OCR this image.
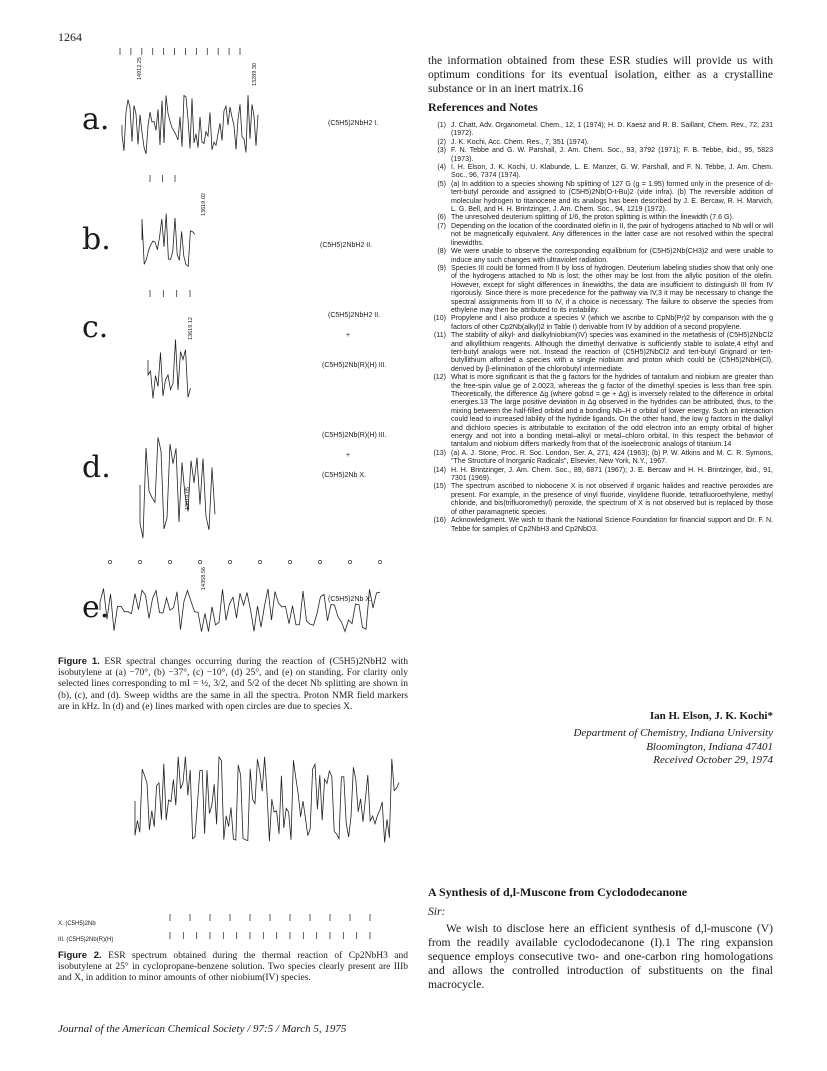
1264
a.
b.
c.
d.
e.
(C5H5)2NbH2 I.
(C5H5)2NbH2 II.
(C5H5)2NbH2 II.
+
(C5H5)2Nb(R)(H) III.
(C5H5)2Nb(R)(H) III.
+
(C5H5)2Nb X.
(C5H5)2Nb X.
14912.25	13289.30
13619.02
13619.12
13819.05
14358.56
Figure 1. ESR spectral changes occurring during the reaction of (C5H5)2NbH2 with isobutylene at (a) −70°, (b) −37°, (c) −10°, (d) 25°, and (e) on standing. For clarity only selected lines corresponding to mI = ½, 3/2, and 5/2 of the decet Nb splitting are shown in (b), (c), and (d). Sweep widths are the same in all the spectra. Proton NMR field markers are in kHz. In (d) and (e) lines marked with open circles are due to species X.
X. (C5H5)2Nb
III. (C5H5)2Nb(R)(H)
Figure 2. ESR spectrum obtained during the thermal reaction of Cp2NbH3 and isobutylene at 25° in cyclopropane-benzene solution. Two species clearly present are IIIb and X, in addition to minor amounts of other niobium(IV) species.
the information obtained from these ESR studies will provide us with optimum conditions for its eventual isolation, either as a crystalline substance or in an inert matrix.16
References and Notes
(1) J. Chatt, Adv. Organometal. Chem., 12, 1 (1974); H. D. Kaesz and R. B. Saillant, Chem. Rev., 72, 231 (1972).
(2) J. K. Kochi, Acc. Chem. Res., 7, 351 (1974).
(3) F. N. Tebbe and G. W. Parshall, J. Am. Chem. Soc., 93, 3792 (1971); F. B. Tebbe, ibid., 95, 5823 (1973).
(4) I. H. Elson, J. K. Kochi, U. Klabunde, L. E. Manzer, G. W. Parshall, and F. N. Tebbe, J. Am. Chem. Soc., 96, 7374 (1974).
(5) (a) In addition to a species showing Nb splitting of 127 G (g = 1.95) formed only in the presence of di-tert-butyl peroxide and assigned to (C5H5)2Nb(O-t-Bu)2 (vide infra). (b) The reversible addition of molecular hydrogen to titanocene and its analogs has been described by J. E. Bercaw, R. H. Marvich, L. G. Bell, and H. H. Brintzinger, J. Am. Chem. Soc., 94, 1219 (1972).
(6) The unresolved deuterium splitting of 1/6, the proton splitting is within the linewidth (7.6 G).
(7) Depending on the location of the coordinated olefin in II, the pair of hydrogens attached to Nb will or will not be magnetically equivalent. Any differences in the latter case are not resolved within the spectral linewidths.
(8) We were unable to observe the corresponding equilibrium for (C5H5)2Nb(CH3)2 and were unable to induce any such changes with ultraviolet radiation.
(9) Species III could be formed from II by loss of hydrogen. Deuterium labeling studies show that only one of the hydrogens attached to Nb is lost; the other may be lost from the allylic position of the olefin. However, except for slight differences in linewidths, the data are insufficient to distinguish III from IV rigorously. Since there is more precedence for the pathway via IV,3 it may be necessary to change the spectral assignments from III to IV, if a choice is necessary. The failure to observe the species from ethylene may then be attributed to its instability.
(10) Propylene and I also produce a species V (which we ascribe to CpNb(Pr)2 by comparison with the g factors of other Cp2Nb(alkyl)2 in Table I) derivable from IV by addition of a second propylene.
(11) The stability of alkyl- and dialkylniobium(IV) species was examined in the metathesis of (C5H5)2NbCl2 and alkyllithium reagents. Although the dimethyl derivative is sufficiently stable to isolate,4 ethyl and tert-butyl analogs were not. Instead the reaction of (C5H5)2NbCl2 and tert-butyl Grignard or tert-butyllithium afforded a species with a single niobium and proton which could be (C5H5)2NbH(Cl), derived by β-elimination of the chlorobutyl intermediate.
(12) What is more significant is that the g factors for the hydrides of tantalum and niobium are greater than the free-spin value ge of 2.0023, whereas the g factor of the dimethyl species is less than free spin. Theoretically, the difference Δg (where gobsd = ge + Δg) is inversely related to the difference in orbital energies.13 The large positive deviation in Δg observed in the hydrides can be attributed, thus, to the mixing between the half-filled orbital and a bonding Nb–H σ orbital of lower energy. Such an interaction could lead to increased lability of the hydride ligands. On the other hand, the low g factors in the dialkyl and dichloro species is attributable to excitation of the odd electron into an empty orbital of higher energy and not into a bonding metal–alkyl or metal–chloro orbital. In this respect the behavior of tantalum and niobium differs markedly from that of the isoelectronic analogs of titanium.14
(13) (a) A. J. Stone, Proc. R. Soc. London, Ser. A, 271, 424 (1963); (b) P. W. Atkins and M. C. R. Symons, "The Structure of Inorganic Radicals", Elsevier, New York, N.Y., 1967.
(14) H. H. Brintzinger, J. Am. Chem. Soc., 89, 6871 (1967); J. E. Bercaw and H. H. Brintzinger, ibid., 91, 7301 (1969).
(15) The spectrum ascribed to niobocene X is not observed if organic halides and reactive peroxides are present. For example, in the presence of vinyl fluoride, vinylidene fluoride, tetrafluoroethylene, methyl chloride, and bis(trifluoromethyl) peroxide, the spectrum of X is not observed but is replaced by those of other paramagnetic species.
(16) Acknowledgment. We wish to thank the National Science Foundation for financial support and Dr. F. N. Tebbe for samples of Cp2NbH3 and Cp2NbD3.
Ian H. Elson, J. K. Kochi*
Department of Chemistry, Indiana University
Bloomington, Indiana 47401
Received October 29, 1974
A Synthesis of d,l-Muscone from Cyclododecanone
Sir:
We wish to disclose here an efficient synthesis of d,l-muscone (V) from the readily available cyclododecanone (I).1 The ring expansion sequence employs consecutive two- and one-carbon ring homologations and allows the controlled introduction of substituents on the final macrocycle.
Journal of the American Chemical Society / 97:5 / March 5, 1975
